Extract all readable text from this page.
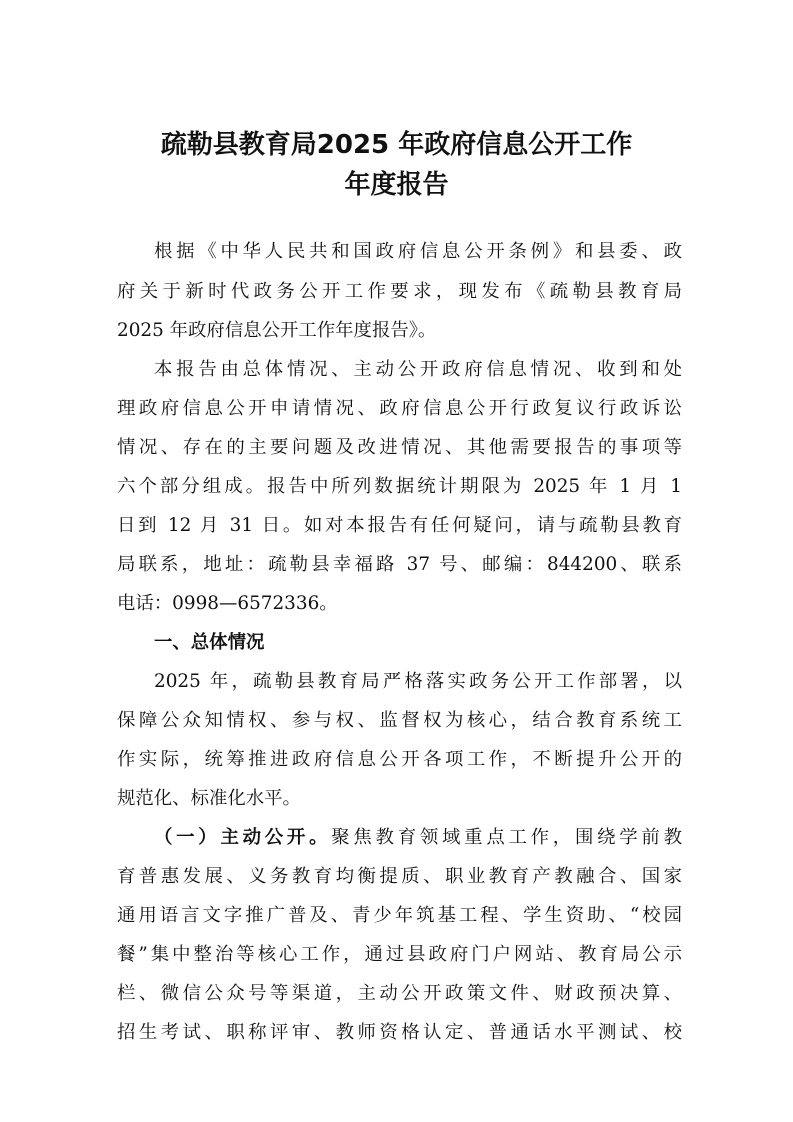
疏勒县教育局2025 年政府信息公开工作
年度报告
根据《中华人民共和国政府信息公开条例》和县委、政
府关于新时代政务公开工作要求，现发布《疏勒县教育局
2025 年政府信息公开工作年度报告》。
本报告由总体情况、主动公开政府信息情况、收到和处
理政府信息公开申请情况、政府信息公开行政复议行政诉讼
情况、存在的主要问题及改进情况、其他需要报告的事项等
六个部分组成。报告中所列数据统计期限为 2025 年 1 月 1
日到 12 月 31 日。如对本报告有任何疑问，请与疏勒县教育
局联系，地址：疏勒县幸福路 37 号、邮编：844200、联系
电话：0998—6572336。
一、总体情况
2025 年，疏勒县教育局严格落实政务公开工作部署，以
保障公众知情权、参与权、监督权为核心，结合教育系统工
作实际，统筹推进政府信息公开各项工作，不断提升公开的
规范化、标准化水平。
（一）主动公开。聚焦教育领域重点工作，围绕学前教
育普惠发展、义务教育均衡提质、职业教育产教融合、国家
通用语言文字推广普及、青少年筑基工程、学生资助、“校园
餐”集中整治等核心工作，通过县政府门户网站、教育局公示
栏、微信公众号等渠道，主动公开政策文件、财政预决算、
招生考试、职称评审、教师资格认定、普通话水平测试、校
